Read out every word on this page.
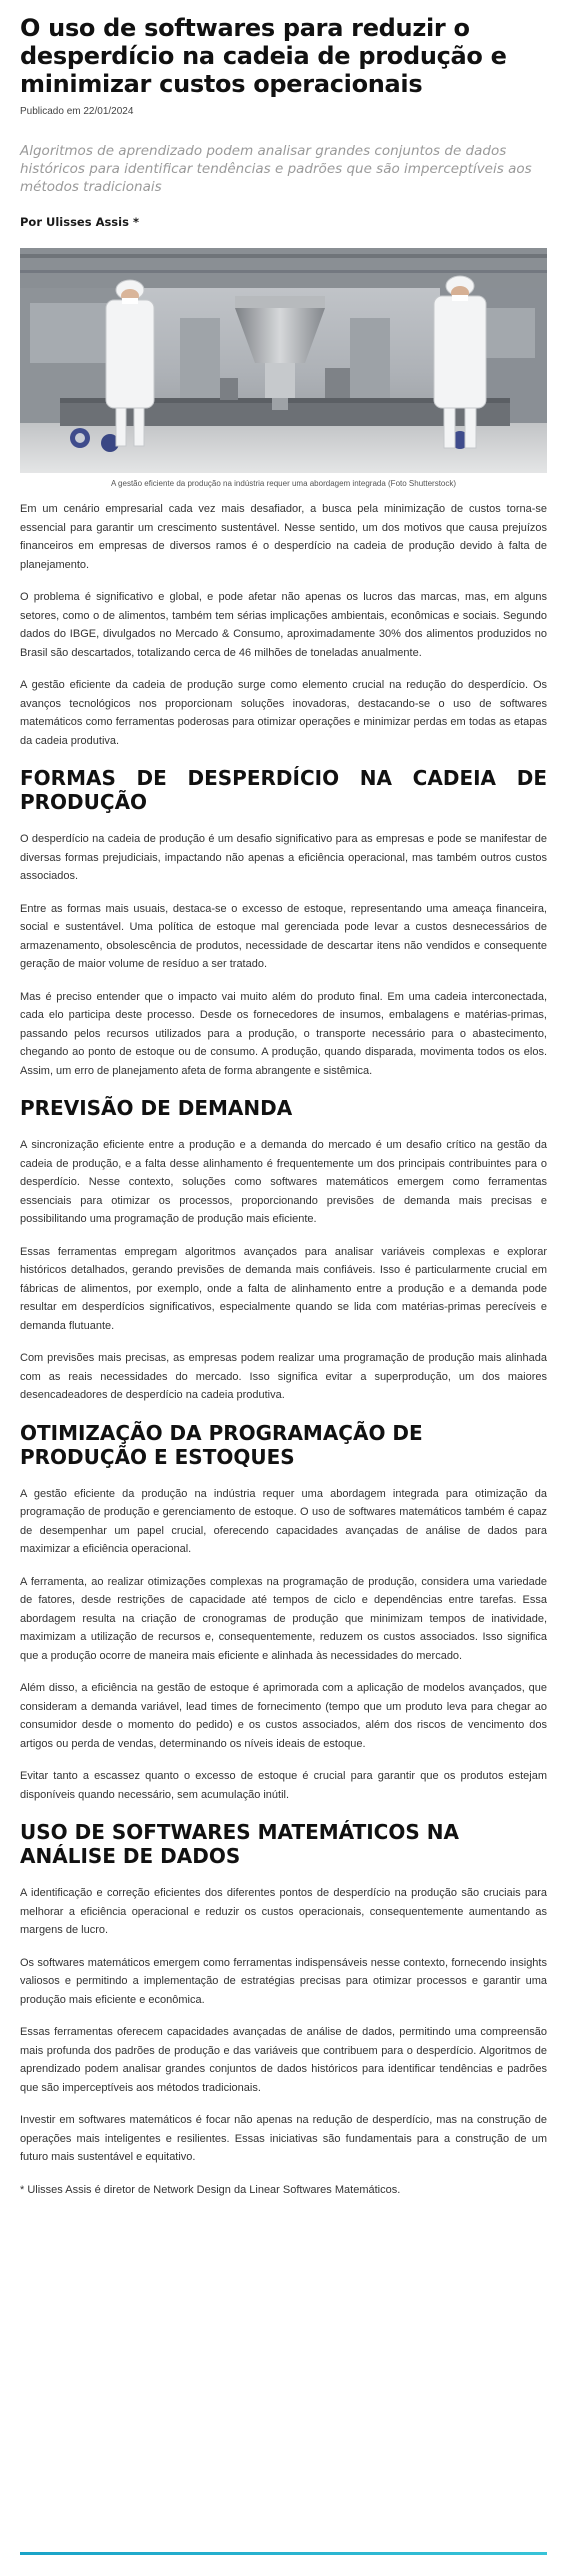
O uso de softwares para reduzir o desperdício na cadeia de produção e minimizar custos operacionais
Publicado em 22/01/2024
Algoritmos de aprendizado podem analisar grandes conjuntos de dados históricos para identificar tendências e padrões que são imperceptíveis aos métodos tradicionais
Por Ulisses Assis *
A gestão eficiente da produção na indústria requer uma abordagem integrada (Foto Shutterstock)

Em um cenário empresarial cada vez mais desafiador, a busca pela minimização de custos torna-se essencial para garantir um crescimento sustentável. Nesse sentido, um dos motivos que causa prejuízos financeiros em empresas de diversos ramos é o desperdício na cadeia de produção devido à falta de planejamento.

O problema é significativo e global, e pode afetar não apenas os lucros das marcas, mas, em alguns setores, como o de alimentos, também tem sérias implicações ambientais, econômicas e sociais. Segundo dados do IBGE, divulgados no Mercado & Consumo, aproximadamente 30% dos alimentos produzidos no Brasil são descartados, totalizando cerca de 46 milhões de toneladas anualmente.

A gestão eficiente da cadeia de produção surge como elemento crucial na redução do desperdício. Os avanços tecnológicos nos proporcionam soluções inovadoras, destacando-se o uso de softwares matemáticos como ferramentas poderosas para otimizar operações e minimizar perdas em todas as etapas da cadeia produtiva.

FORMAS DE DESPERDÍCIO NA CADEIA DE PRODUÇÃO

O desperdício na cadeia de produção é um desafio significativo para as empresas e pode se manifestar de diversas formas prejudiciais, impactando não apenas a eficiência operacional, mas também outros custos associados.

Entre as formas mais usuais, destaca-se o excesso de estoque, representando uma ameaça financeira, social e sustentável. Uma política de estoque mal gerenciada pode levar a custos desnecessários de armazenamento, obsolescência de produtos, necessidade de descartar itens não vendidos e consequente geração de maior volume de resíduo a ser tratado.

Mas é preciso entender que o impacto vai muito além do produto final. Em uma cadeia interconectada, cada elo participa deste processo. Desde os fornecedores de insumos, embalagens e matérias-primas, passando pelos recursos utilizados para a produção, o transporte necessário para o abastecimento, chegando ao ponto de estoque ou de consumo. A produção, quando disparada, movimenta todos os elos. Assim, um erro de planejamento afeta de forma abrangente e sistêmica.

PREVISÃO DE DEMANDA

A sincronização eficiente entre a produção e a demanda do mercado é um desafio crítico na gestão da cadeia de produção, e a falta desse alinhamento é frequentemente um dos principais contribuintes para o desperdício. Nesse contexto, soluções como softwares matemáticos emergem como ferramentas essenciais para otimizar os processos, proporcionando previsões de demanda mais precisas e possibilitando uma programação de produção mais eficiente.

Essas ferramentas empregam algoritmos avançados para analisar variáveis complexas e explorar históricos detalhados, gerando previsões de demanda mais confiáveis. Isso é particularmente crucial em fábricas de alimentos, por exemplo, onde a falta de alinhamento entre a produção e a demanda pode resultar em desperdícios significativos, especialmente quando se lida com matérias-primas perecíveis e demanda flutuante.

Com previsões mais precisas, as empresas podem realizar uma programação de produção mais alinhada com as reais necessidades do mercado. Isso significa evitar a superprodução, um dos maiores desencadeadores de desperdício na cadeia produtiva.

OTIMIZAÇÃO DA PROGRAMAÇÃO DE PRODUÇÃO E ESTOQUES

A gestão eficiente da produção na indústria requer uma abordagem integrada para otimização da programação de produção e gerenciamento de estoque. O uso de softwares matemáticos também é capaz de desempenhar um papel crucial, oferecendo capacidades avançadas de análise de dados para maximizar a eficiência operacional.

A ferramenta, ao realizar otimizações complexas na programação de produção, considera uma variedade de fatores, desde restrições de capacidade até tempos de ciclo e dependências entre tarefas. Essa abordagem resulta na criação de cronogramas de produção que minimizam tempos de inatividade, maximizam a utilização de recursos e, consequentemente, reduzem os custos associados. Isso significa que a produção ocorre de maneira mais eficiente e alinhada às necessidades do mercado.

Além disso, a eficiência na gestão de estoque é aprimorada com a aplicação de modelos avançados, que consideram a demanda variável, lead times de fornecimento (tempo que um produto leva para chegar ao consumidor desde o momento do pedido) e os custos associados, além dos riscos de vencimento dos artigos ou perda de vendas, determinando os níveis ideais de estoque.

Evitar tanto a escassez quanto o excesso de estoque é crucial para garantir que os produtos estejam disponíveis quando necessário, sem acumulação inútil.

USO DE SOFTWARES MATEMÁTICOS NA ANÁLISE DE DADOS

A identificação e correção eficientes dos diferentes pontos de desperdício na produção são cruciais para melhorar a eficiência operacional e reduzir os custos operacionais, consequentemente aumentando as margens de lucro.

Os softwares matemáticos emergem como ferramentas indispensáveis nesse contexto, fornecendo insights valiosos e permitindo a implementação de estratégias precisas para otimizar processos e garantir uma produção mais eficiente e econômica.

Essas ferramentas oferecem capacidades avançadas de análise de dados, permitindo uma compreensão mais profunda dos padrões de produção e das variáveis que contribuem para o desperdício. Algoritmos de aprendizado podem analisar grandes conjuntos de dados históricos para identificar tendências e padrões que são imperceptíveis aos métodos tradicionais.

Investir em softwares matemáticos é focar não apenas na redução de desperdício, mas na construção de operações mais inteligentes e resilientes. Essas iniciativas são fundamentais para a construção de um futuro mais sustentável e equitativo.

* Ulisses Assis é diretor de Network Design da Linear Softwares Matemáticos.
